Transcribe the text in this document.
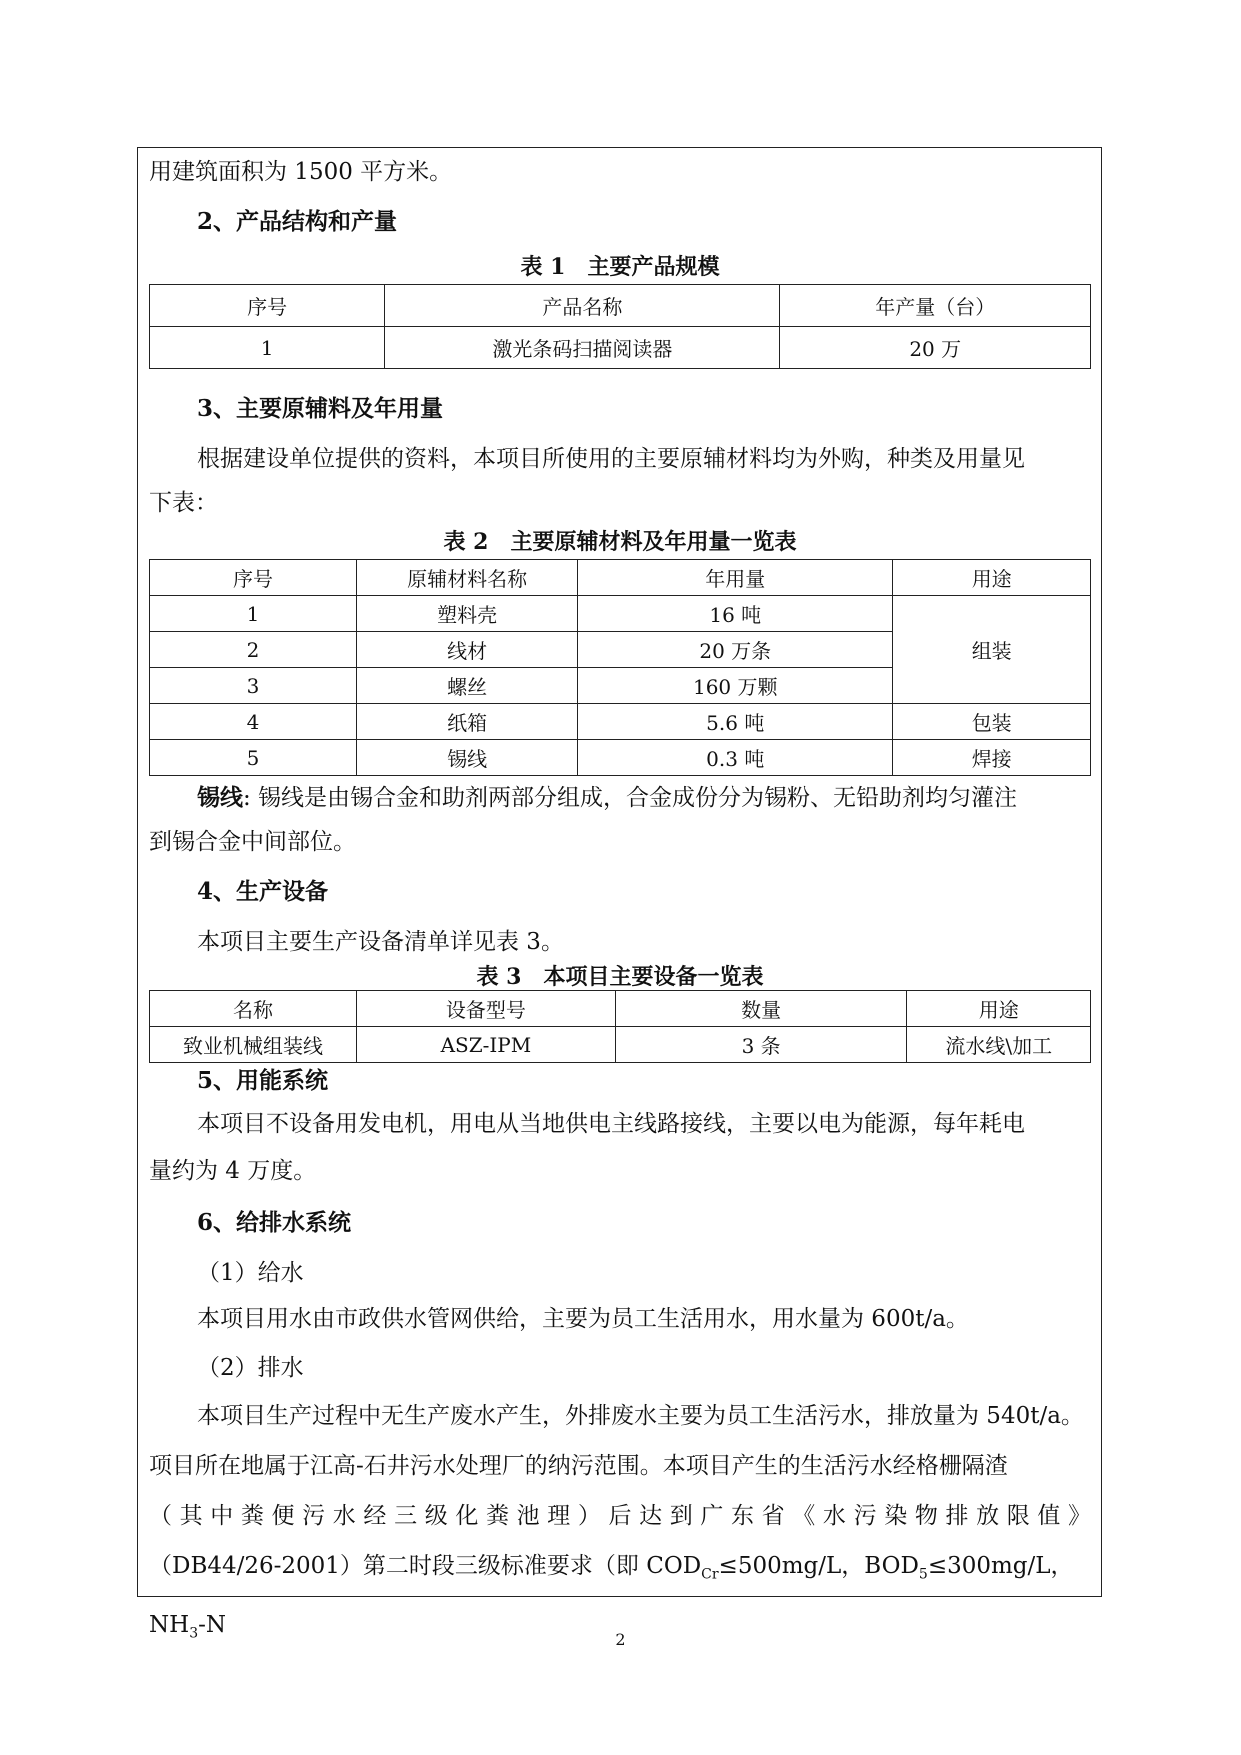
用建筑面积为 1500 平方米。

2、产品结构和产量

表 1　主要产品规模

序号	产品名称	年产量（台）
1	激光条码扫描阅读器	20 万

3、主要原辅料及年用量

根据建设单位提供的资料，本项目所使用的主要原辅材料均为外购，种类及用量见

下表：

表 2　主要原辅材料及年用量一览表

序号	原辅材料名称	年用量	用途
1	塑料壳	16 吨	组装
2	线材	20 万条	
3	螺丝	160 万颗	
4	纸箱	5.6 吨	包装
5	锡线	0.3 吨	焊接

锡线: 锡线是由锡合金和助剂两部分组成，合金成份分为锡粉、无铅助剂均匀灌注

到锡合金中间部位。

4、生产设备

本项目主要生产设备清单详见表 3。

表 3　本项目主要设备一览表

名称	设备型号	数量	用途
致业机械组装线	ASZ-IPM	3 条	流水线\加工

5、用能系统

本项目不设备用发电机，用电从当地供电主线路接线，主要以电为能源，每年耗电

量约为 4 万度。

6、给排水系统

（1）给水

本项目用水由市政供水管网供给，主要为员工生活用水，用水量为 600t/a。

（2）排水

本项目生产过程中无生产废水产生，外排废水主要为员工生活污水，排放量为 540t/a。

项目所在地属于江高-石井污水处理厂的纳污范围。本项目产生的生活污水经格栅隔渣

（其中粪便污水经三级化粪池理）后达到广东省《水污染物排放限值》

（DB44/26-2001）第二时段三级标准要求（即 $COD_{Cr}\le 500mg/L$，$BOD_5\le 300mg/L$，$NH_3-N$

2
